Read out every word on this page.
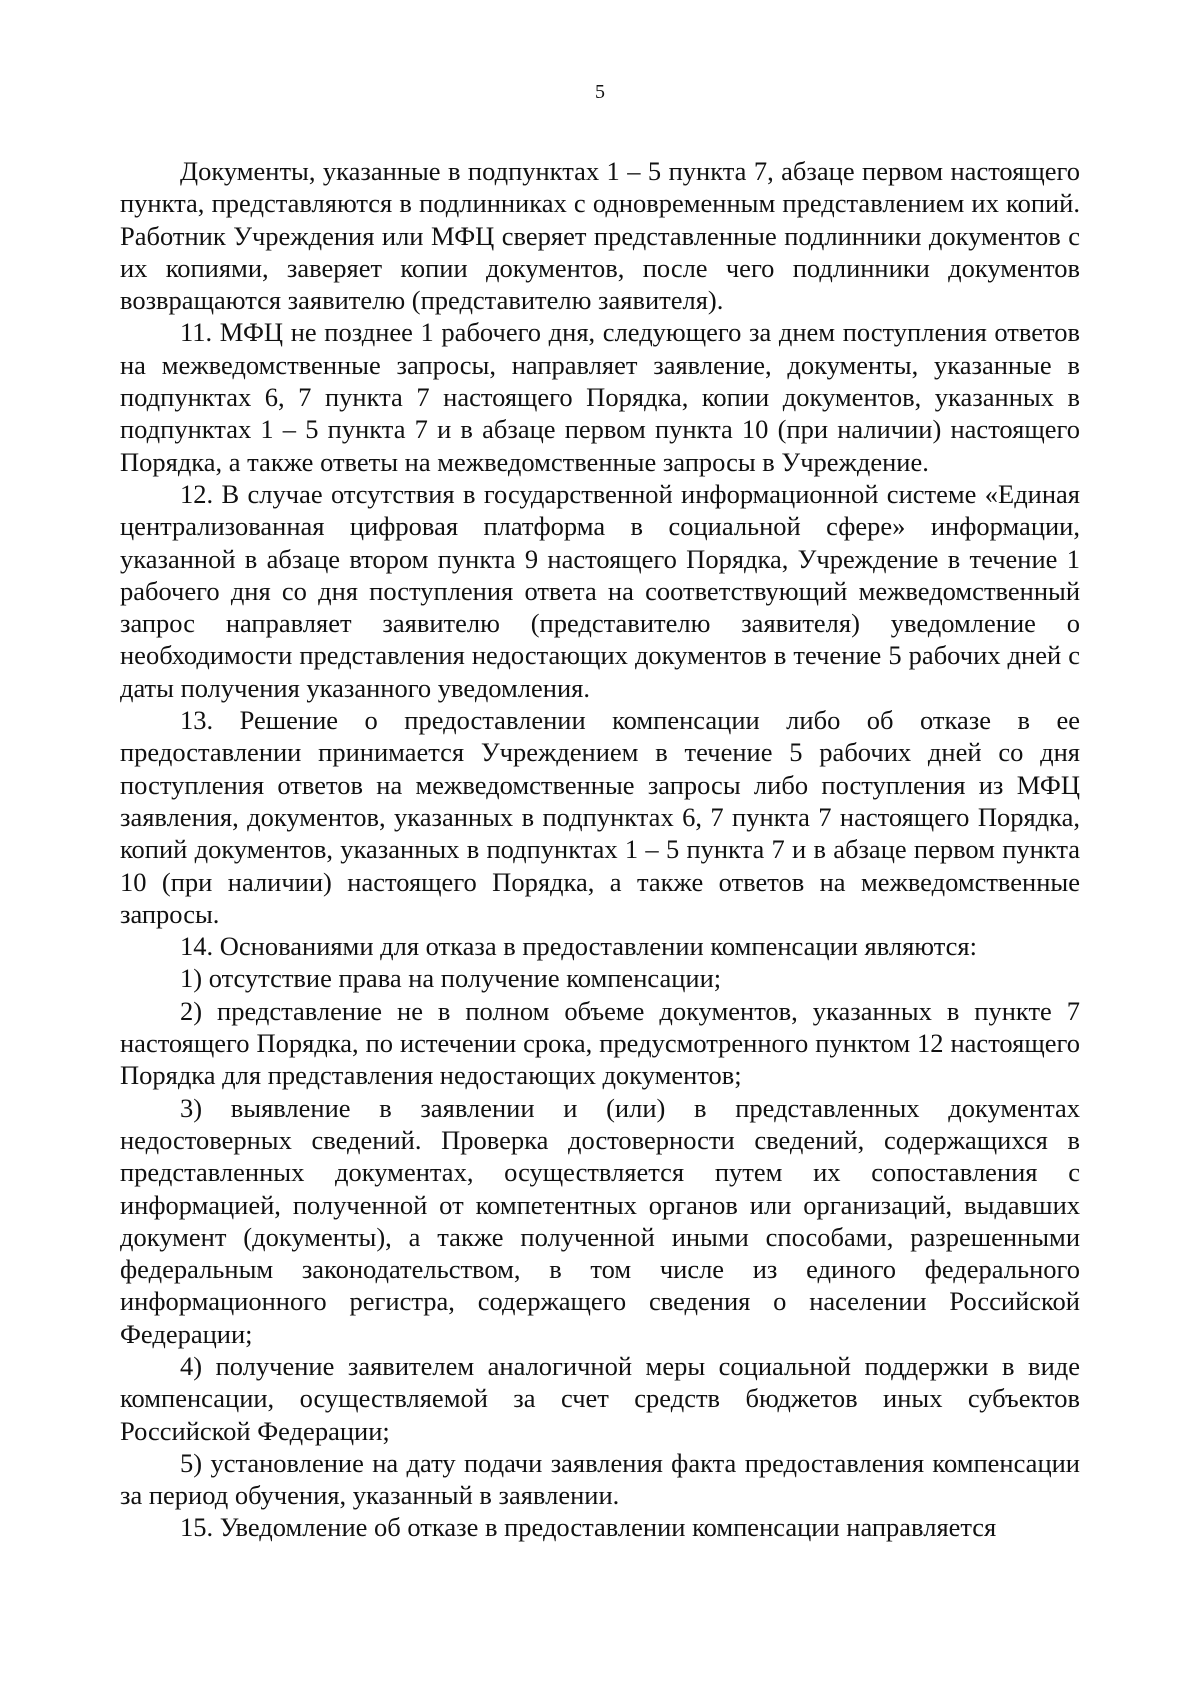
5

Документы, указанные в подпунктах 1 – 5 пункта 7, абзаце первом настоящего пункта, представляются в подлинниках с одновременным представлением их копий. Работник Учреждения или МФЦ сверяет представленные подлинники документов с их копиями, заверяет копии документов, после чего подлинники документов возвращаются заявителю (представителю заявителя).

11. МФЦ не позднее 1 рабочего дня, следующего за днем поступления ответов на межведомственные запросы, направляет заявление, документы, указанные в подпунктах 6, 7 пункта 7 настоящего Порядка, копии документов, указанных в подпунктах 1 – 5 пункта 7 и в абзаце первом пункта 10 (при наличии) настоящего Порядка, а также ответы на межведомственные запросы в Учреждение.

12. В случае отсутствия в государственной информационной системе «Единая централизованная цифровая платформа в социальной сфере» информации, указанной в абзаце втором пункта 9 настоящего Порядка, Учреждение в течение 1 рабочего дня со дня поступления ответа на соответствующий межведомственный запрос направляет заявителю (представителю заявителя) уведомление о необходимости представления недостающих документов в течение 5 рабочих дней с даты получения указанного уведомления.

13. Решение о предоставлении компенсации либо об отказе в ее предоставлении принимается Учреждением в течение 5 рабочих дней со дня поступления ответов на межведомственные запросы либо поступления из МФЦ заявления, документов, указанных в подпунктах 6, 7 пункта 7 настоящего Порядка, копий документов, указанных в подпунктах 1 – 5 пункта 7 и в абзаце первом пункта 10 (при наличии) настоящего Порядка, а также ответов на межведомственные запросы.

14. Основаниями для отказа в предоставлении компенсации являются:

1) отсутствие права на получение компенсации;

2) представление не в полном объеме документов, указанных в пункте 7 настоящего Порядка, по истечении срока, предусмотренного пунктом 12 настоящего Порядка для представления недостающих документов;

3) выявление в заявлении и (или) в представленных документах недостоверных сведений. Проверка достоверности сведений, содержащихся в представленных документах, осуществляется путем их сопоставления с информацией, полученной от компетентных органов или организаций, выдавших документ (документы), а также полученной иными способами, разрешенными федеральным законодательством, в том числе из единого федерального информационного регистра, содержащего сведения о населении Российской Федерации;

4) получение заявителем аналогичной меры социальной поддержки в виде компенсации, осуществляемой за счет средств бюджетов иных субъектов Российской Федерации;

5) установление на дату подачи заявления факта предоставления компенсации за период обучения, указанный в заявлении.

15. Уведомление об отказе в предоставлении компенсации направляется
